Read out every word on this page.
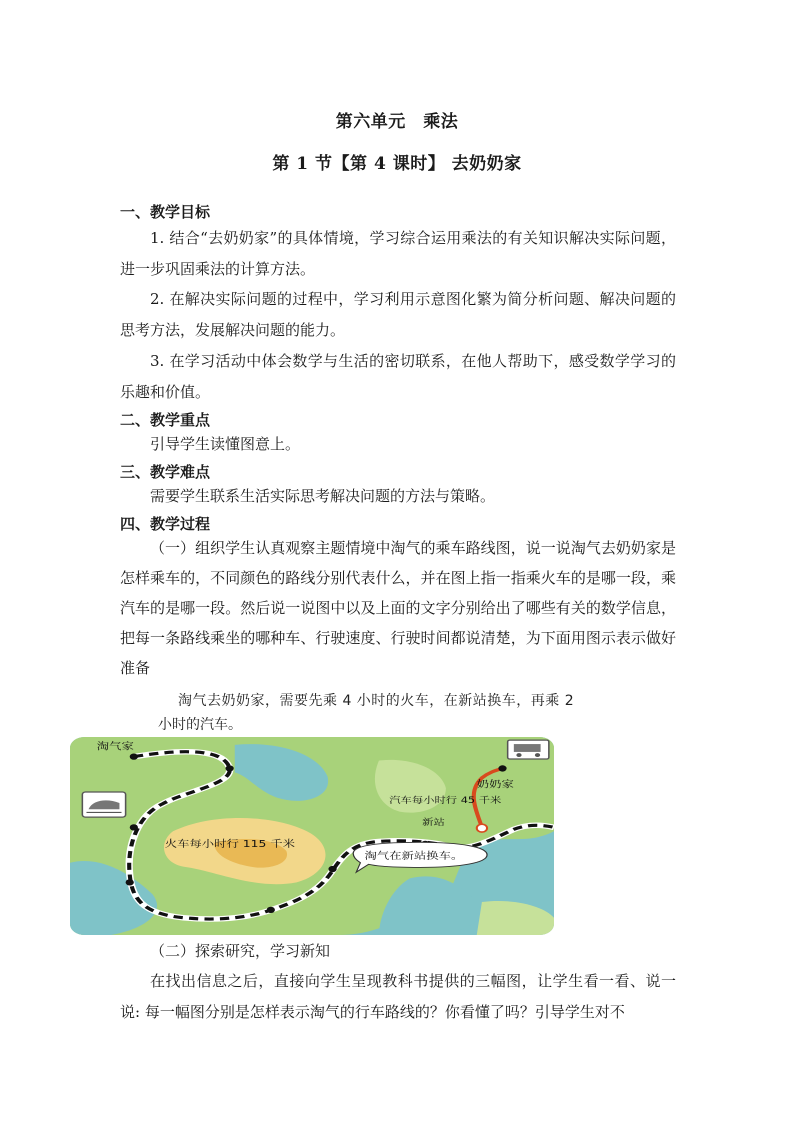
第六单元　乘法
第 1 节【第 4 课时】 去奶奶家
一、教学目标

1. 结合“去奶奶家”的具体情境，学习综合运用乘法的有关知识解决实际问题，进一步巩固乘法的计算方法。

2. 在解决实际问题的过程中，学习利用示意图化繁为简分析问题、解决问题的思考方法，发展解决问题的能力。

3. 在学习活动中体会数学与生活的密切联系，在他人帮助下，感受数学学习的乐趣和价值。

二、教学重点

引导学生读懂图意上。

三、教学难点

需要学生联系生活实际思考解决问题的方法与策略。

四、教学过程

（一）组织学生认真观察主题情境中淘气的乘车路线图，说一说淘气去奶奶家是怎样乘车的，不同颜色的路线分别代表什么，并在图上指一指乘火车的是哪一段，乘汽车的是哪一段。然后说一说图中以及上面的文字分别给出了哪些有关的数学信息，把每一条路线乘坐的哪种车、行驶速度、行驶时间都说清楚，为下面用图示表示做好准备

淘气去奶奶家，需要先乘 4 小时的火车，在新站换车，再乘 2
小时的汽车。
淘气家
奶奶家
汽车每小时行 45 千米
新站
火车每小时行 115 千米
淘气在新站换车。

（二）探索研究，学习新知

在找出信息之后，直接向学生呈现教科书提供的三幅图，让学生看一看、说一说: 每一幅图分别是怎样表示淘气的行车路线的？你看懂了吗？引导学生对不
